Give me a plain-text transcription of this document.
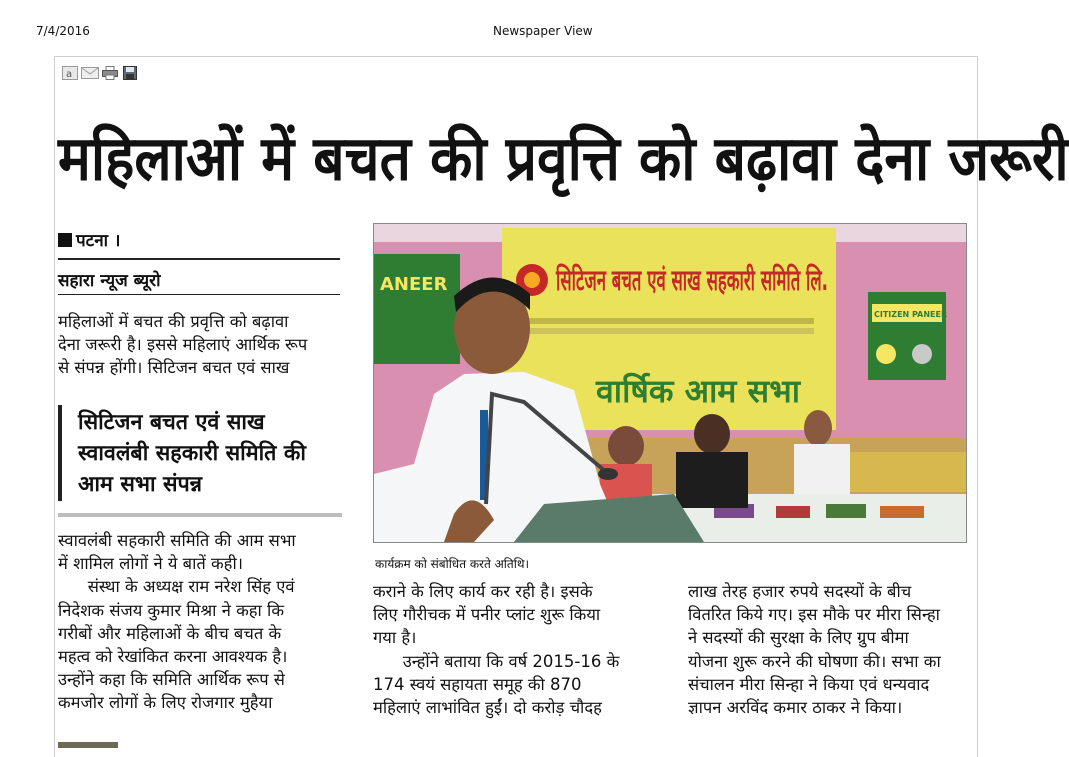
7/4/2016	Newspaper View
a
महिलाओं में बचत की प्रवृत्ति को बढ़ावा देना जरूरी
पटना ।
सहारा न्यूज ब्यूरो

महिलाओं में बचत की प्रवृत्ति को बढ़ावा

देना जरूरी है। इससे महिलाएं आर्थिक रूप

से संपन्न होंगी। सिटिजन बचत एवं साख

सिटिजन बचत एवं साख
स्वावलंबी सहकारी समिति की
आम सभा संपन्न

स्वावलंबी सहकारी समिति की आम सभा

में शामिल लोगों ने ये बातें कही।

संस्था के अध्यक्ष राम नरेश सिंह एवं

निदेशक संजय कुमार मिश्रा ने कहा कि

गरीबों और महिलाओं के बीच बचत के

महत्व को रेखांकित करना आवश्यक है।

उन्होंने कहा कि समिति आर्थिक रूप से

कमजोर लोगों के लिए रोजगार मुहैया

ANEER	सिटिजन बचत एवं साख सहकारी समिति लि.
वार्षिक आम सभा
CITIZEN PANEER
कार्यक्रम को संबोधित करते अतिथि।

कराने के लिए कार्य कर रही है। इसके

लिए गौरीचक में पनीर प्लांट शुरू किया

गया है।

उन्होंने बताया कि वर्ष 2015-16 के

174 स्वयं सहायता समूह की 870

महिलाएं लाभांवित हुईं। दो करोड़ चौदह

लाख तेरह हजार रुपये सदस्यों के बीच

वितरित किये गए। इस मौके पर मीरा सिन्हा

ने सदस्यों की सुरक्षा के लिए ग्रुप बीमा

योजना शुरू करने की घोषणा की। सभा का

संचालन मीरा सिन्हा ने किया एवं धन्यवाद

ज्ञापन अरविंद कमार ठाकर ने किया।
